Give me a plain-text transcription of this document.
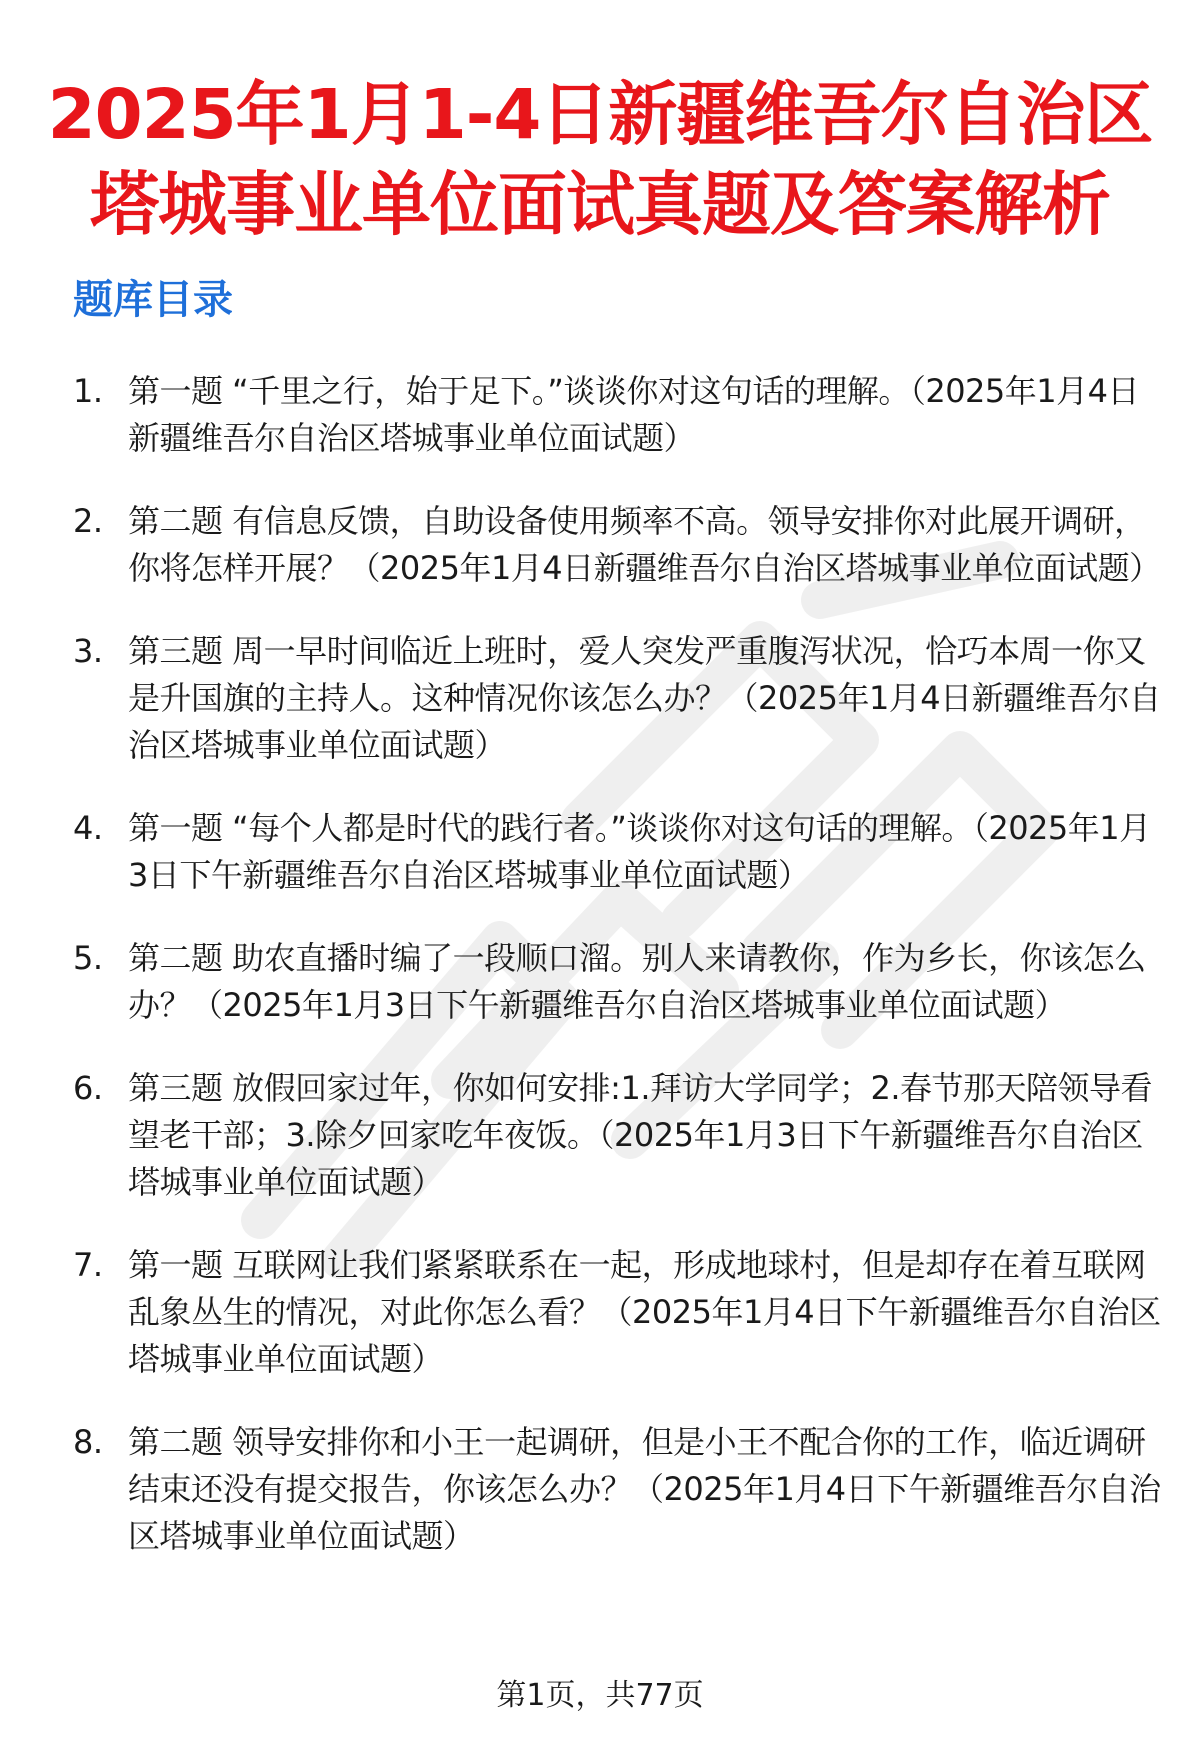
2025年1月1-4日新疆维吾尔自治区
塔城事业单位面试真题及答案解析
题库目录
1. 第一题 “千里之行，始于足下。”谈谈你对这句话的理解。（2025年1月4日新疆维吾尔自治区塔城事业单位面试题）
2. 第二题 有信息反馈，自助设备使用频率不高。领导安排你对此展开调研，你将怎样开展？（2025年1月4日新疆维吾尔自治区塔城事业单位面试题）
3. 第三题 周一早时间临近上班时，爱人突发严重腹泻状况，恰巧本周一你又是升国旗的主持人。这种情况你该怎么办？（2025年1月4日新疆维吾尔自治区塔城事业单位面试题）
4. 第一题 “每个人都是时代的践行者。”谈谈你对这句话的理解。（2025年1月3日下午新疆维吾尔自治区塔城事业单位面试题）
5. 第二题 助农直播时编了一段顺口溜。别人来请教你，作为乡长，你该怎么办？（2025年1月3日下午新疆维吾尔自治区塔城事业单位面试题）
6. 第三题 放假回家过年，你如何安排:1.拜访大学同学；2.春节那天陪领导看望老干部；3.除夕回家吃年夜饭。（2025年1月3日下午新疆维吾尔自治区塔城事业单位面试题）
7. 第一题 互联网让我们紧紧联系在一起，形成地球村，但是却存在着互联网乱象丛生的情况，对此你怎么看？（2025年1月4日下午新疆维吾尔自治区塔城事业单位面试题）
8. 第二题 领导安排你和小王一起调研，但是小王不配合你的工作，临近调研结束还没有提交报告，你该怎么办？（2025年1月4日下午新疆维吾尔自治区塔城事业单位面试题）
第1页，共77页
